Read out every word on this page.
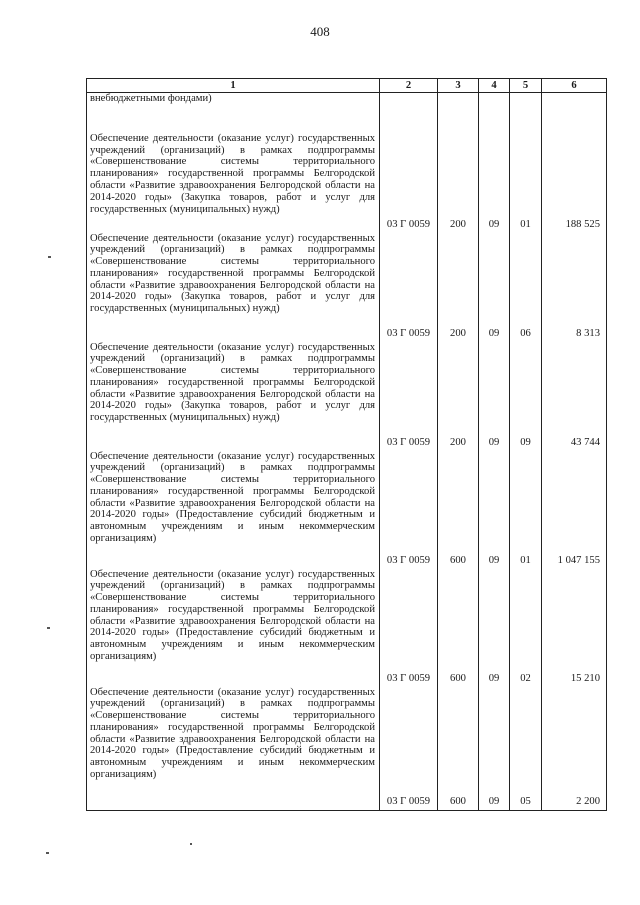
408
1	2	3	4	5	6

внебюджетными фондами)
Обеспечение деятельности (оказание услуг) государственных учреждений (организаций) в рамках подпрограммы «Совершенствование системы территориального планирования» государственной программы Белгородской области «Развитие здравоохранения Белгородской области на 2014-2020 годы» (Закупка товаров, работ и услуг для государственных (муниципальных) нужд)	03 Г 0059	200	09	01	188 525
Обеспечение деятельности (оказание услуг) государственных учреждений (организаций) в рамках подпрограммы «Совершенствование системы территориального планирования» государственной программы Белгородской области «Развитие здравоохранения Белгородской области на 2014-2020 годы» (Закупка товаров, работ и услуг для государственных (муниципальных) нужд)	03 Г 0059	200	09	06	8 313
Обеспечение деятельности (оказание услуг) государственных учреждений (организаций) в рамках подпрограммы «Совершенствование системы территориального планирования» государственной программы Белгородской области «Развитие здравоохранения Белгородской области на 2014-2020 годы» (Закупка товаров, работ и услуг для государственных (муниципальных) нужд)	03 Г 0059	200	09	09	43 744
Обеспечение деятельности (оказание услуг) государственных учреждений (организаций) в рамках подпрограммы «Совершенствование системы территориального планирования» государственной программы Белгородской области «Развитие здравоохранения Белгородской области на 2014-2020 годы» (Предоставление субсидий бюджетным и автономным учреждениям и иным некоммерческим организациям)	03 Г 0059	600	09	01	1 047 155
Обеспечение деятельности (оказание услуг) государственных учреждений (организаций) в рамках подпрограммы «Совершенствование системы территориального планирования» государственной программы Белгородской области «Развитие здравоохранения Белгородской области на 2014-2020 годы» (Предоставление субсидий бюджетным и автономным учреждениям и иным некоммерческим организациям)	03 Г 0059	600	09	02	15 210
Обеспечение деятельности (оказание услуг) государственных учреждений (организаций) в рамках подпрограммы «Совершенствование системы территориального планирования» государственной программы Белгородской области «Развитие здравоохранения Белгородской области на 2014-2020 годы» (Предоставление субсидий бюджетным и автономным учреждениям и иным некоммерческим организациям)	03 Г 0059	600	09	05	2 200
